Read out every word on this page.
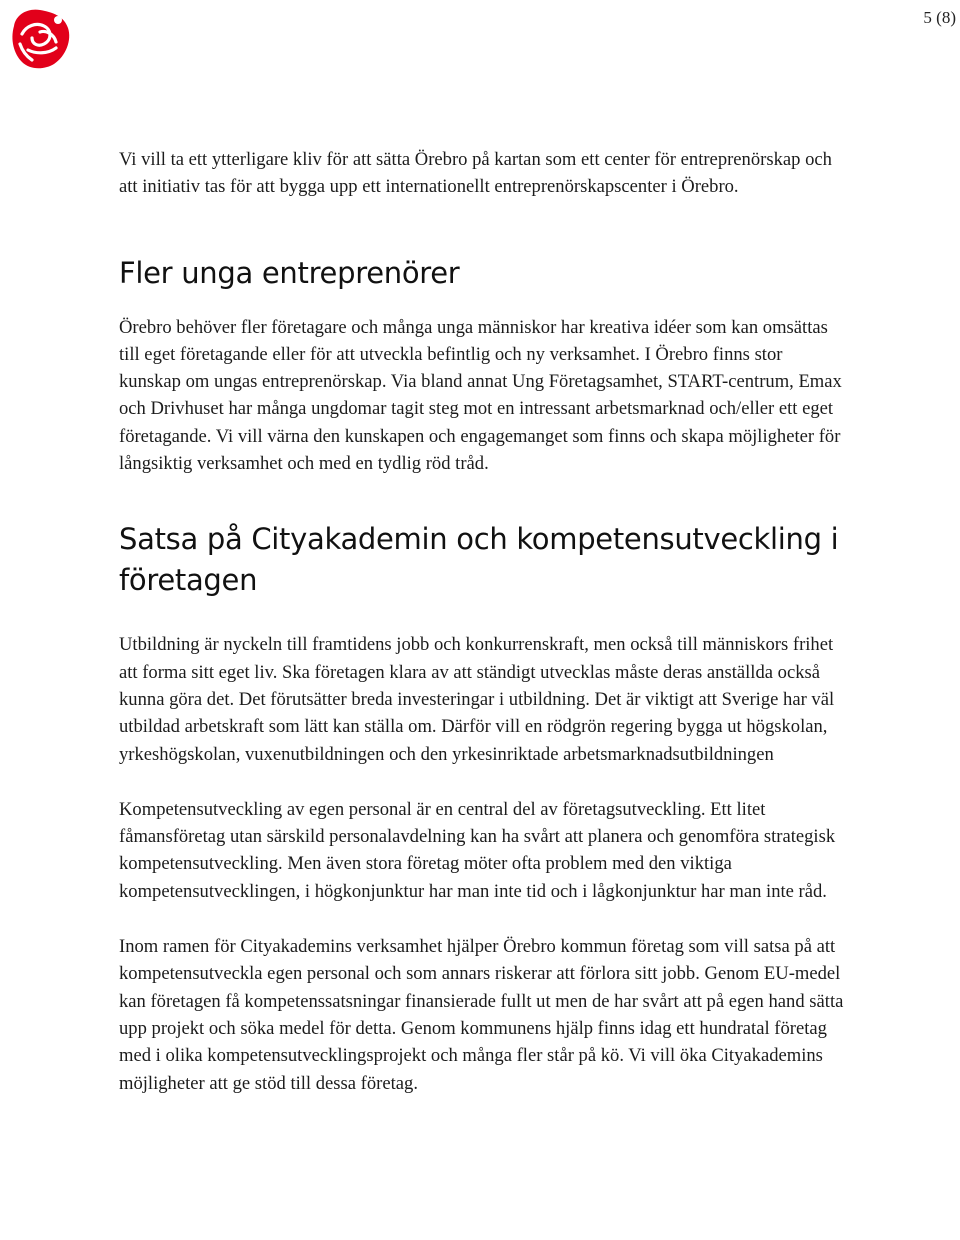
5 (8)

Vi vill ta ett ytterligare kliv för att sätta Örebro på kartan som ett center för entreprenörskap och att initiativ tas för att bygga upp ett internationellt entreprenörskapscenter i Örebro.

Fler unga entreprenörer

Örebro behöver fler företagare och många unga människor har kreativa idéer som kan omsättas till eget företagande eller för att utveckla befintlig och ny verksamhet. I Örebro finns stor kunskap om ungas entreprenörskap. Via bland annat Ung Företagsamhet, START-centrum, Emax och Drivhuset har många ungdomar tagit steg mot en intressant arbetsmarknad och/eller ett eget företagande. Vi vill värna den kunskapen och engagemanget som finns och skapa möjligheter för långsiktig verksamhet och med en tydlig röd tråd.

Satsa på Cityakademin och kompetensutveckling i företagen

Utbildning är nyckeln till framtidens jobb och konkurrenskraft, men också till människors frihet att forma sitt eget liv. Ska företagen klara av att ständigt utvecklas måste deras anställda också kunna göra det. Det förutsätter breda investeringar i utbildning. Det är viktigt att Sverige har väl utbildad arbetskraft som lätt kan ställa om. Därför vill en rödgrön regering bygga ut högskolan, yrkeshögskolan, vuxenutbildningen och den yrkesinriktade arbetsmarknadsutbildningen

Kompetensutveckling av egen personal är en central del av företagsutveckling. Ett litet fåmansföretag utan särskild personalavdelning kan ha svårt att planera och genomföra strategisk kompetensutveckling. Men även stora företag möter ofta problem med den viktiga kompetensutvecklingen, i högkonjunktur har man inte tid och i lågkonjunktur har man inte råd.

Inom ramen för Cityakademins verksamhet hjälper Örebro kommun företag som vill satsa på att kompetensutveckla egen personal och som annars riskerar att förlora sitt jobb. Genom EU-medel kan företagen få kompetenssatsningar finansierade fullt ut men de har svårt att på egen hand sätta upp projekt och söka medel för detta. Genom kommunens hjälp finns idag ett hundratal företag med i olika kompetensutvecklingsprojekt och många fler står på kö. Vi vill öka Cityakademins möjligheter att ge stöd till dessa företag.
